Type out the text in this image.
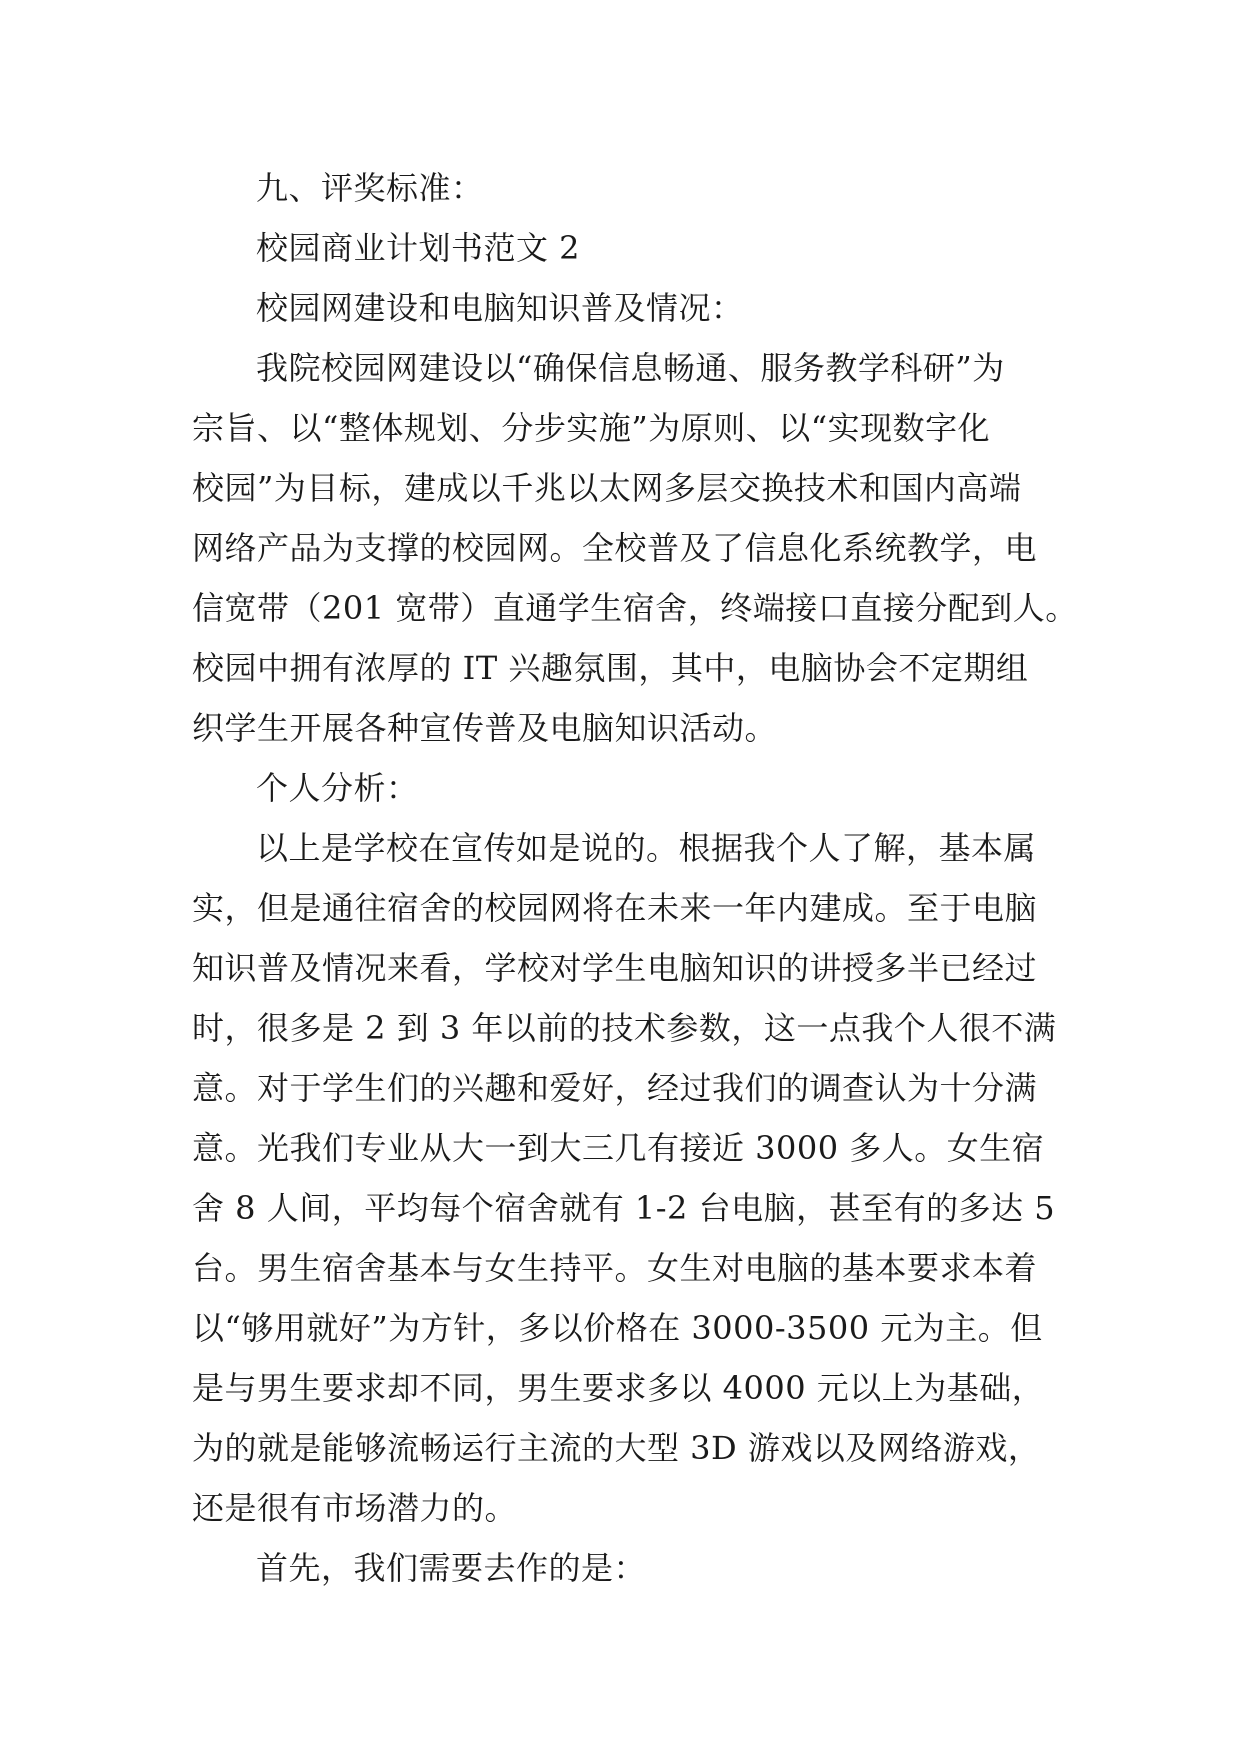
九、评奖标准：
校园商业计划书范文 2
校园网建设和电脑知识普及情况：
我院校园网建设以“确保信息畅通、服务教学科研”为
宗旨、以“整体规划、分步实施”为原则、以“实现数字化
校园”为目标，建成以千兆以太网多层交换技术和国内高端
网络产品为支撑的校园网。全校普及了信息化系统教学，电
信宽带（201 宽带）直通学生宿舍，终端接口直接分配到人。
校园中拥有浓厚的 IT 兴趣氛围，其中，电脑协会不定期组
织学生开展各种宣传普及电脑知识活动。
个人分析：
以上是学校在宣传如是说的。根据我个人了解，基本属
实，但是通往宿舍的校园网将在未来一年内建成。至于电脑
知识普及情况来看，学校对学生电脑知识的讲授多半已经过
时，很多是 2 到 3 年以前的技术参数，这一点我个人很不满
意。对于学生们的兴趣和爱好，经过我们的调查认为十分满
意。光我们专业从大一到大三几有接近 3000 多人。女生宿
舍 8 人间，平均每个宿舍就有 1-2 台电脑，甚至有的多达 5
台。男生宿舍基本与女生持平。女生对电脑的基本要求本着
以“够用就好”为方针，多以价格在 3000-3500 元为主。但
是与男生要求却不同，男生要求多以 4000 元以上为基础，
为的就是能够流畅运行主流的大型 3D 游戏以及网络游戏，
还是很有市场潜力的。
首先，我们需要去作的是：
